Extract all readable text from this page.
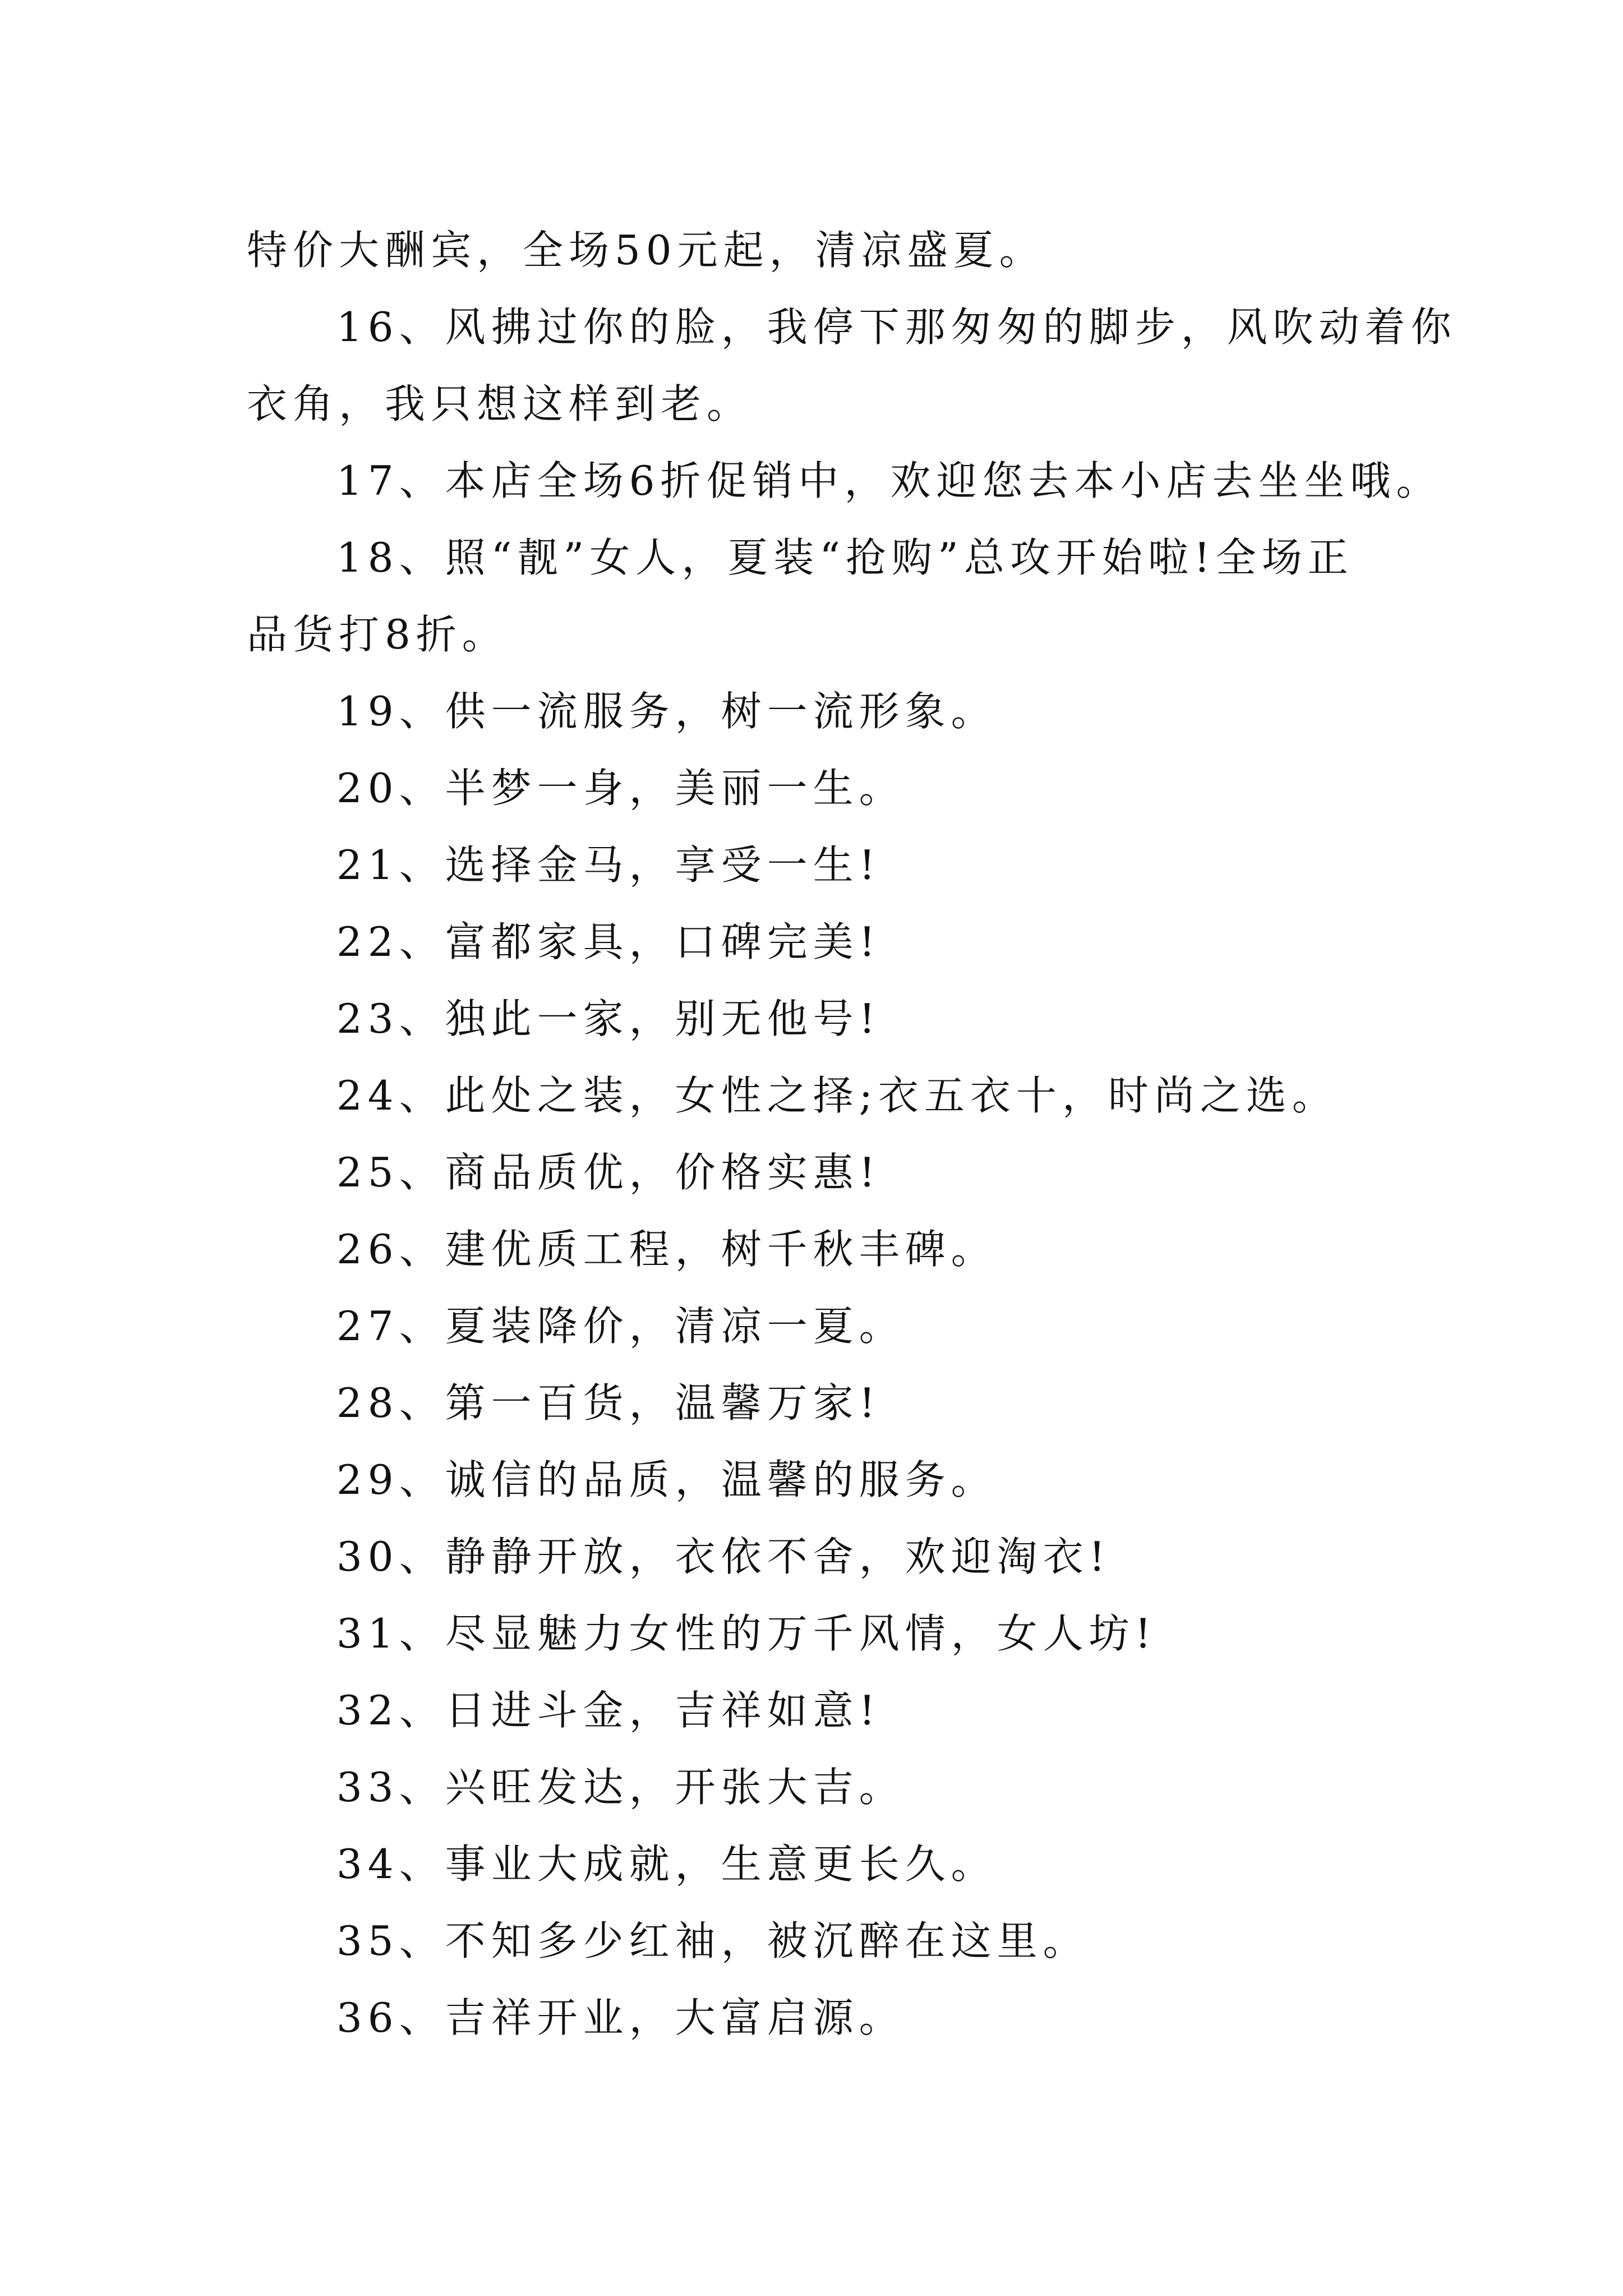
特价大酬宾，全场50元起，清凉盛夏。
16、风拂过你的脸，我停下那匆匆的脚步，风吹动着你
衣角，我只想这样到老。
17、本店全场6折促销中，欢迎您去本小店去坐坐哦。
18、照“靓”女人，夏装“抢购”总攻开始啦!全场正
品货打8折。
19、供一流服务，树一流形象。
20、半梦一身，美丽一生。
21、选择金马，享受一生!
22、富都家具，口碑完美!
23、独此一家，别无他号!
24、此处之装，女性之择;衣五衣十，时尚之选。
25、商品质优，价格实惠!
26、建优质工程，树千秋丰碑。
27、夏装降价，清凉一夏。
28、第一百货，温馨万家!
29、诚信的品质，温馨的服务。
30、静静开放，衣依不舍，欢迎淘衣!
31、尽显魅力女性的万千风情，女人坊!
32、日进斗金，吉祥如意!
33、兴旺发达，开张大吉。
34、事业大成就，生意更长久。
35、不知多少红袖，被沉醉在这里。
36、吉祥开业，大富启源。
